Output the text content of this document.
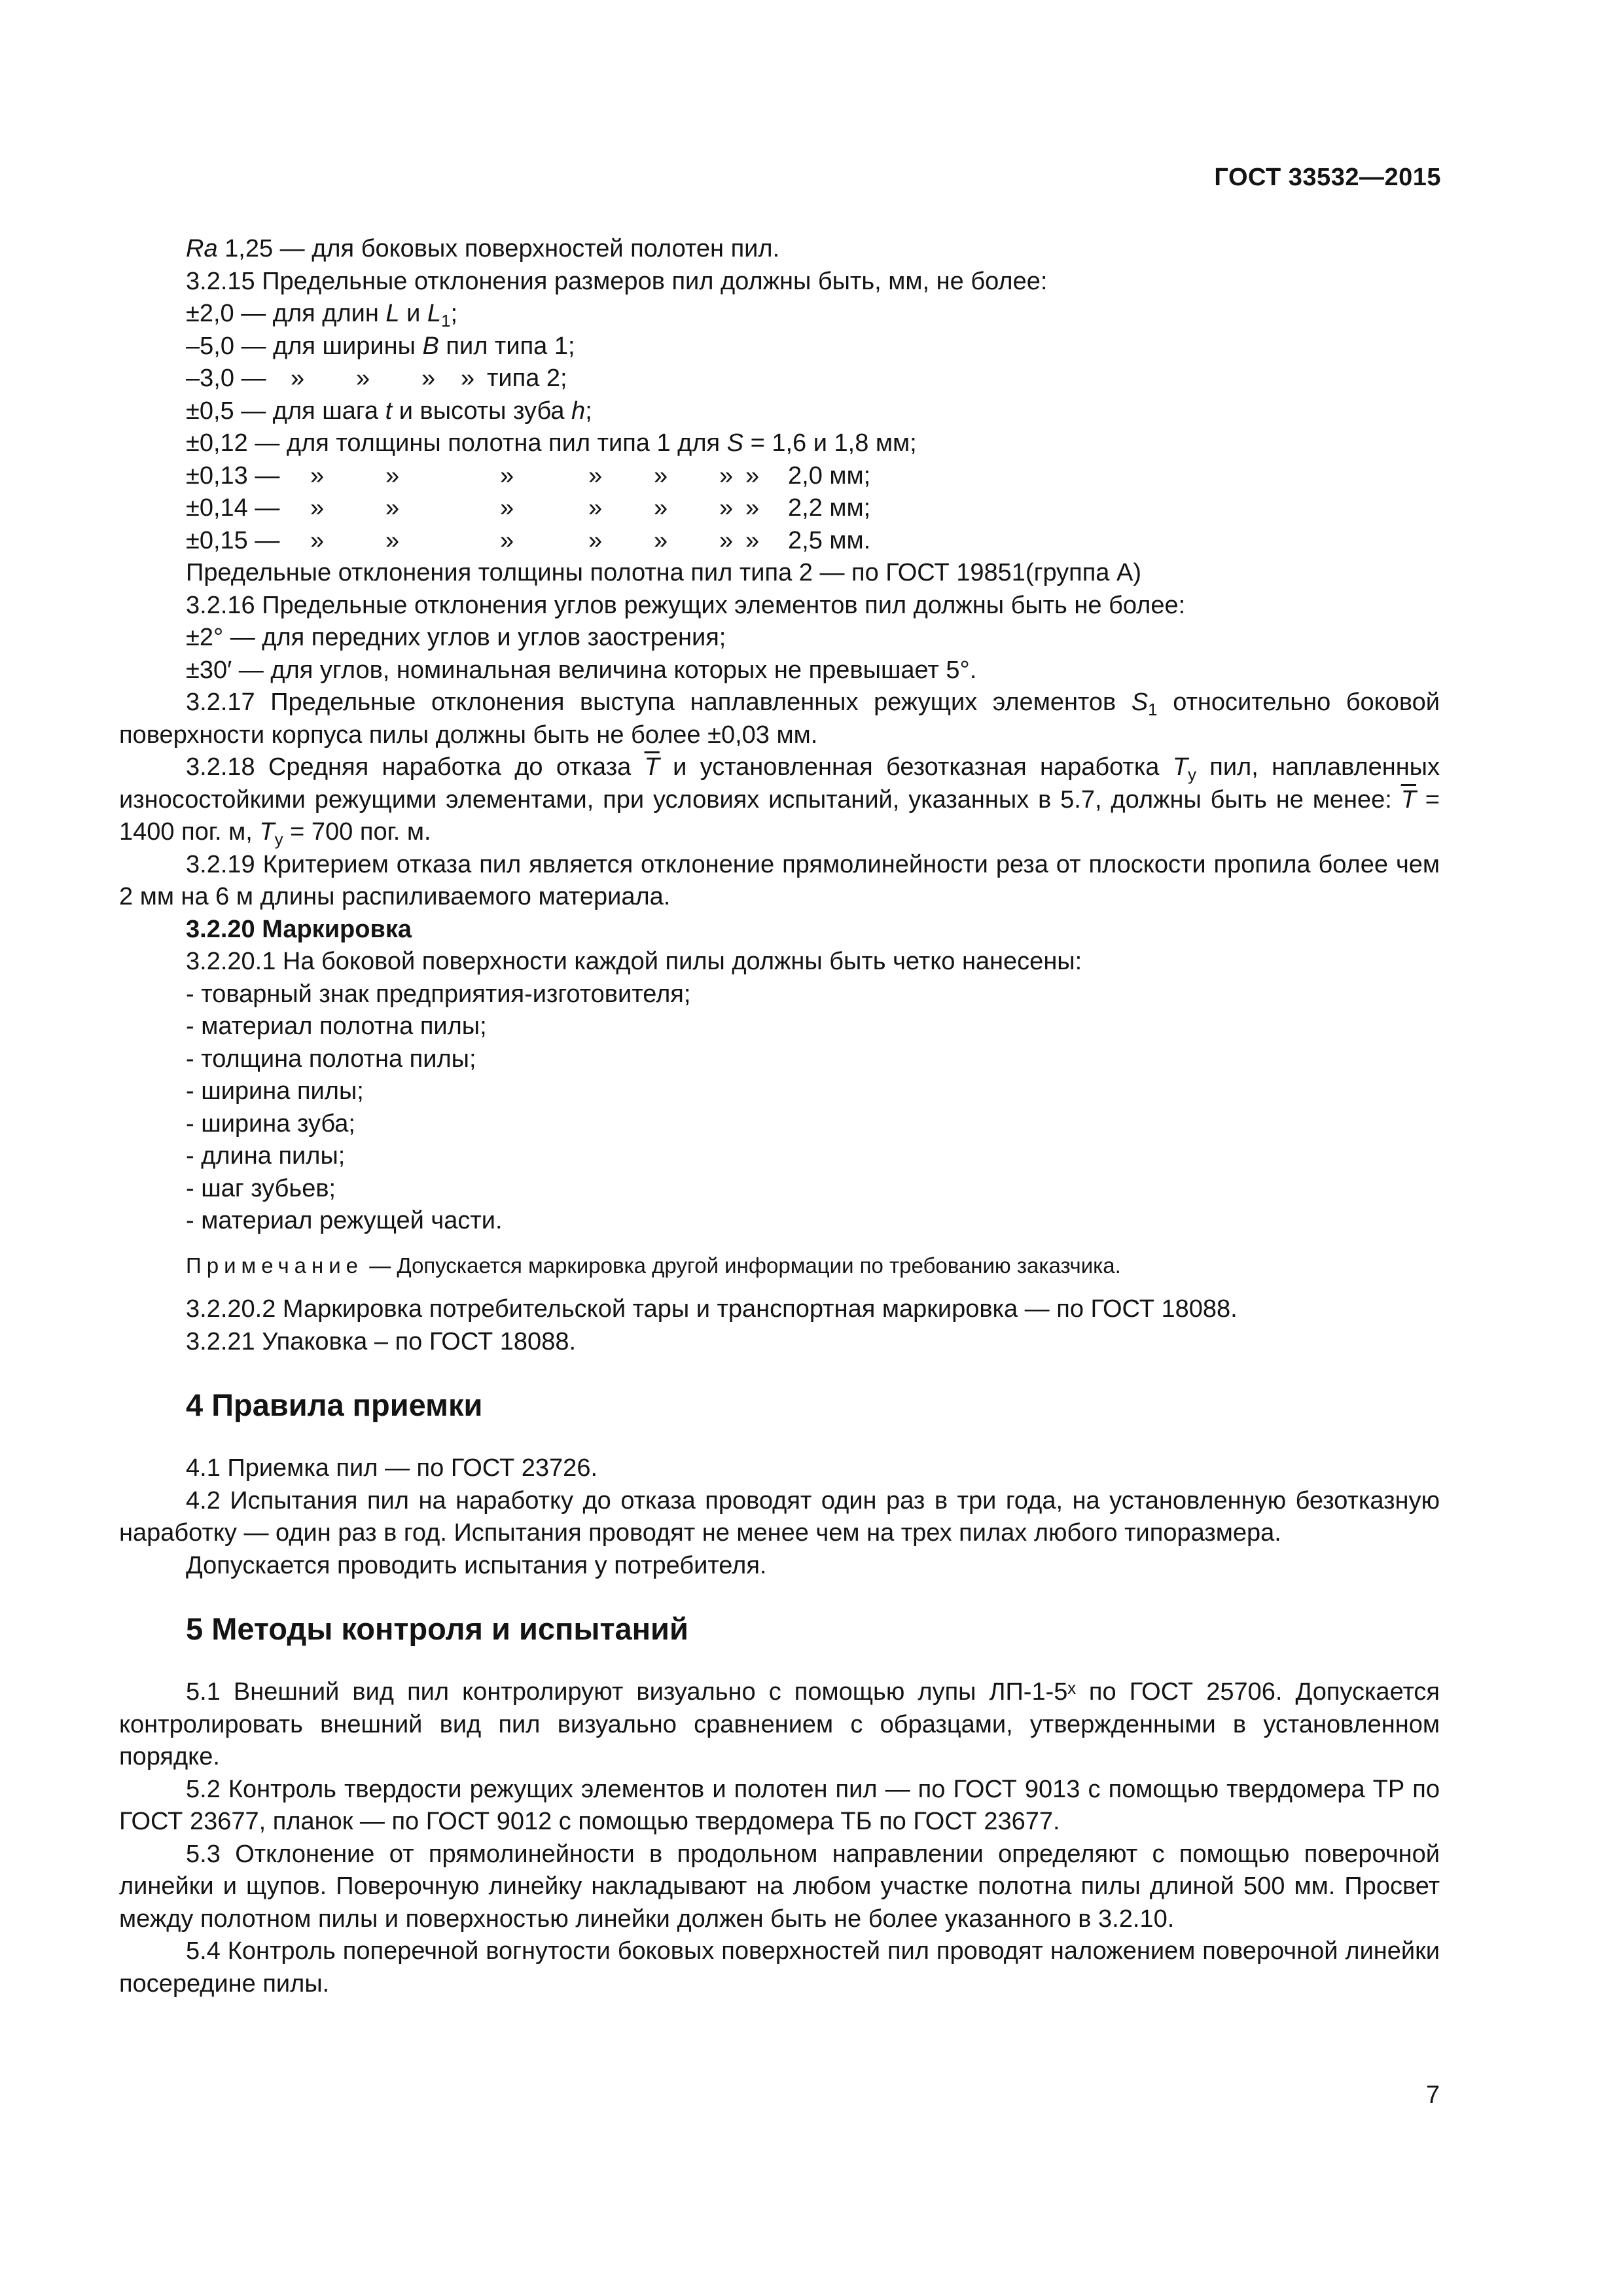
ГОСТ 33532—2015

Ra 1,25 — для боковых поверхностей полотен пил.

3.2.15 Предельные отклонения размеров пил должны быть, мм, не более:

±2,0 — для длин L и $L_1$;

–5,0 — для ширины B пил типа 1;

–3,0 — »	»	»	» типа 2;

±0,5 — для шага t и высоты зуба h;

±0,12 — для толщины полотна пил типа 1 для S = 1,6 и 1,8 мм;

±0,13 —	»	»	»	»	»	» »	2,0 мм;
±0,14 —	»	»	»	»	»	» »	2,2 мм;
±0,15 —	»	»	»	»	»	» »	2,5 мм.

Предельные отклонения толщины полотна пил типа 2 — по ГОСТ 19851(группа А)

3.2.16 Предельные отклонения углов режущих элементов пил должны быть не более:

±2° — для передних углов и углов заострения;

±30′ — для углов, номинальная величина которых не превышает 5°.

3.2.17 Предельные отклонения выступа наплавленных режущих элементов $S_1$ относительно боковой поверхности корпуса пилы должны быть не более ±0,03 мм.

3.2.18 Средняя наработка до отказа $\overline{T}$ и установленная безотказная наработка $T_у$ пил, наплавленных износостойкими режущими элементами, при условиях испытаний, указанных в 5.7, должны быть не менее: $\overline{T} = 1400$ пог. м, $T_у = 700$ пог. м.

3.2.19 Критерием отказа пил является отклонение прямолинейности реза от плоскости пропила более чем 2 мм на 6 м длины распиливаемого материала.

3.2.20 Маркировка

3.2.20.1 На боковой поверхности каждой пилы должны быть четко нанесены:

- товарный знак предприятия-изготовителя;

- материал полотна пилы;

- толщина полотна пилы;

- ширина пилы;

- ширина зуба;

- длина пилы;

- шаг зубьев;

- материал режущей части.

Примечание — Допускается маркировка другой информации по требованию заказчика.

3.2.20.2 Маркировка потребительской тары и транспортная маркировка — по ГОСТ 18088.

3.2.21 Упаковка – по ГОСТ 18088.

4 Правила приемки

4.1 Приемка пил — по ГОСТ 23726.

4.2 Испытания пил на наработку до отказа проводят один раз в три года, на установленную безотказную наработку — один раз в год. Испытания проводят не менее чем на трех пилах любого типоразмера.

Допускается проводить испытания у потребителя.

5 Методы контроля и испытаний

5.1 Внешний вид пил контролируют визуально с помощью лупы ЛП-1-5ˣ по ГОСТ 25706. Допускается контролировать внешний вид пил визуально сравнением с образцами, утвержденными в установленном порядке.

5.2 Контроль твердости режущих элементов и полотен пил — по ГОСТ 9013 с помощью твердомера ТР по ГОСТ 23677, планок — по ГОСТ 9012 с помощью твердомера ТБ по ГОСТ 23677.

5.3 Отклонение от прямолинейности в продольном направлении определяют с помощью поверочной линейки и щупов. Поверочную линейку накладывают на любом участке полотна пилы длиной 500 мм. Просвет между полотном пилы и поверхностью линейки должен быть не более указанного в 3.2.10.

5.4 Контроль поперечной вогнутости боковых поверхностей пил проводят наложением поверочной линейки посередине пилы.

7
